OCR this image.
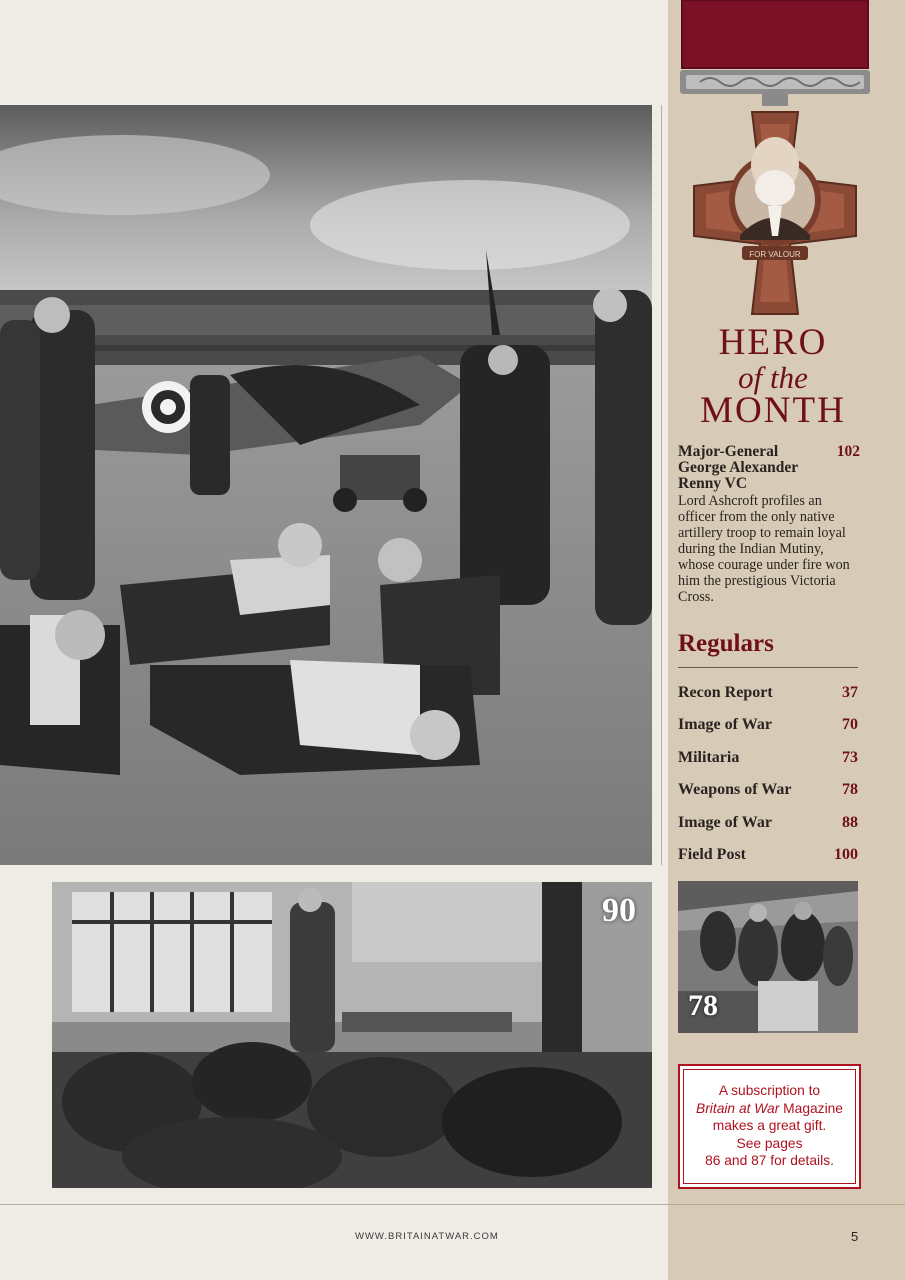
90
FOR VALOUR
HERO
of the
MONTH
Major-General George Alexander Renny VC
102
Lord Ashcroft profiles an officer from the only native artillery troop to remain loyal during the Indian Mutiny, whose courage under fire won him the prestigious Victoria Cross.
Regulars
Recon Report	37
Image of War	70
Militaria	73
Weapons of War	78
Image of War	88
Field Post	100
78
A subscription to
Britain at War Magazine
makes a great gift.
See pages
86 and 87 for details.
WWW.BRITAINATWAR.COM	5
